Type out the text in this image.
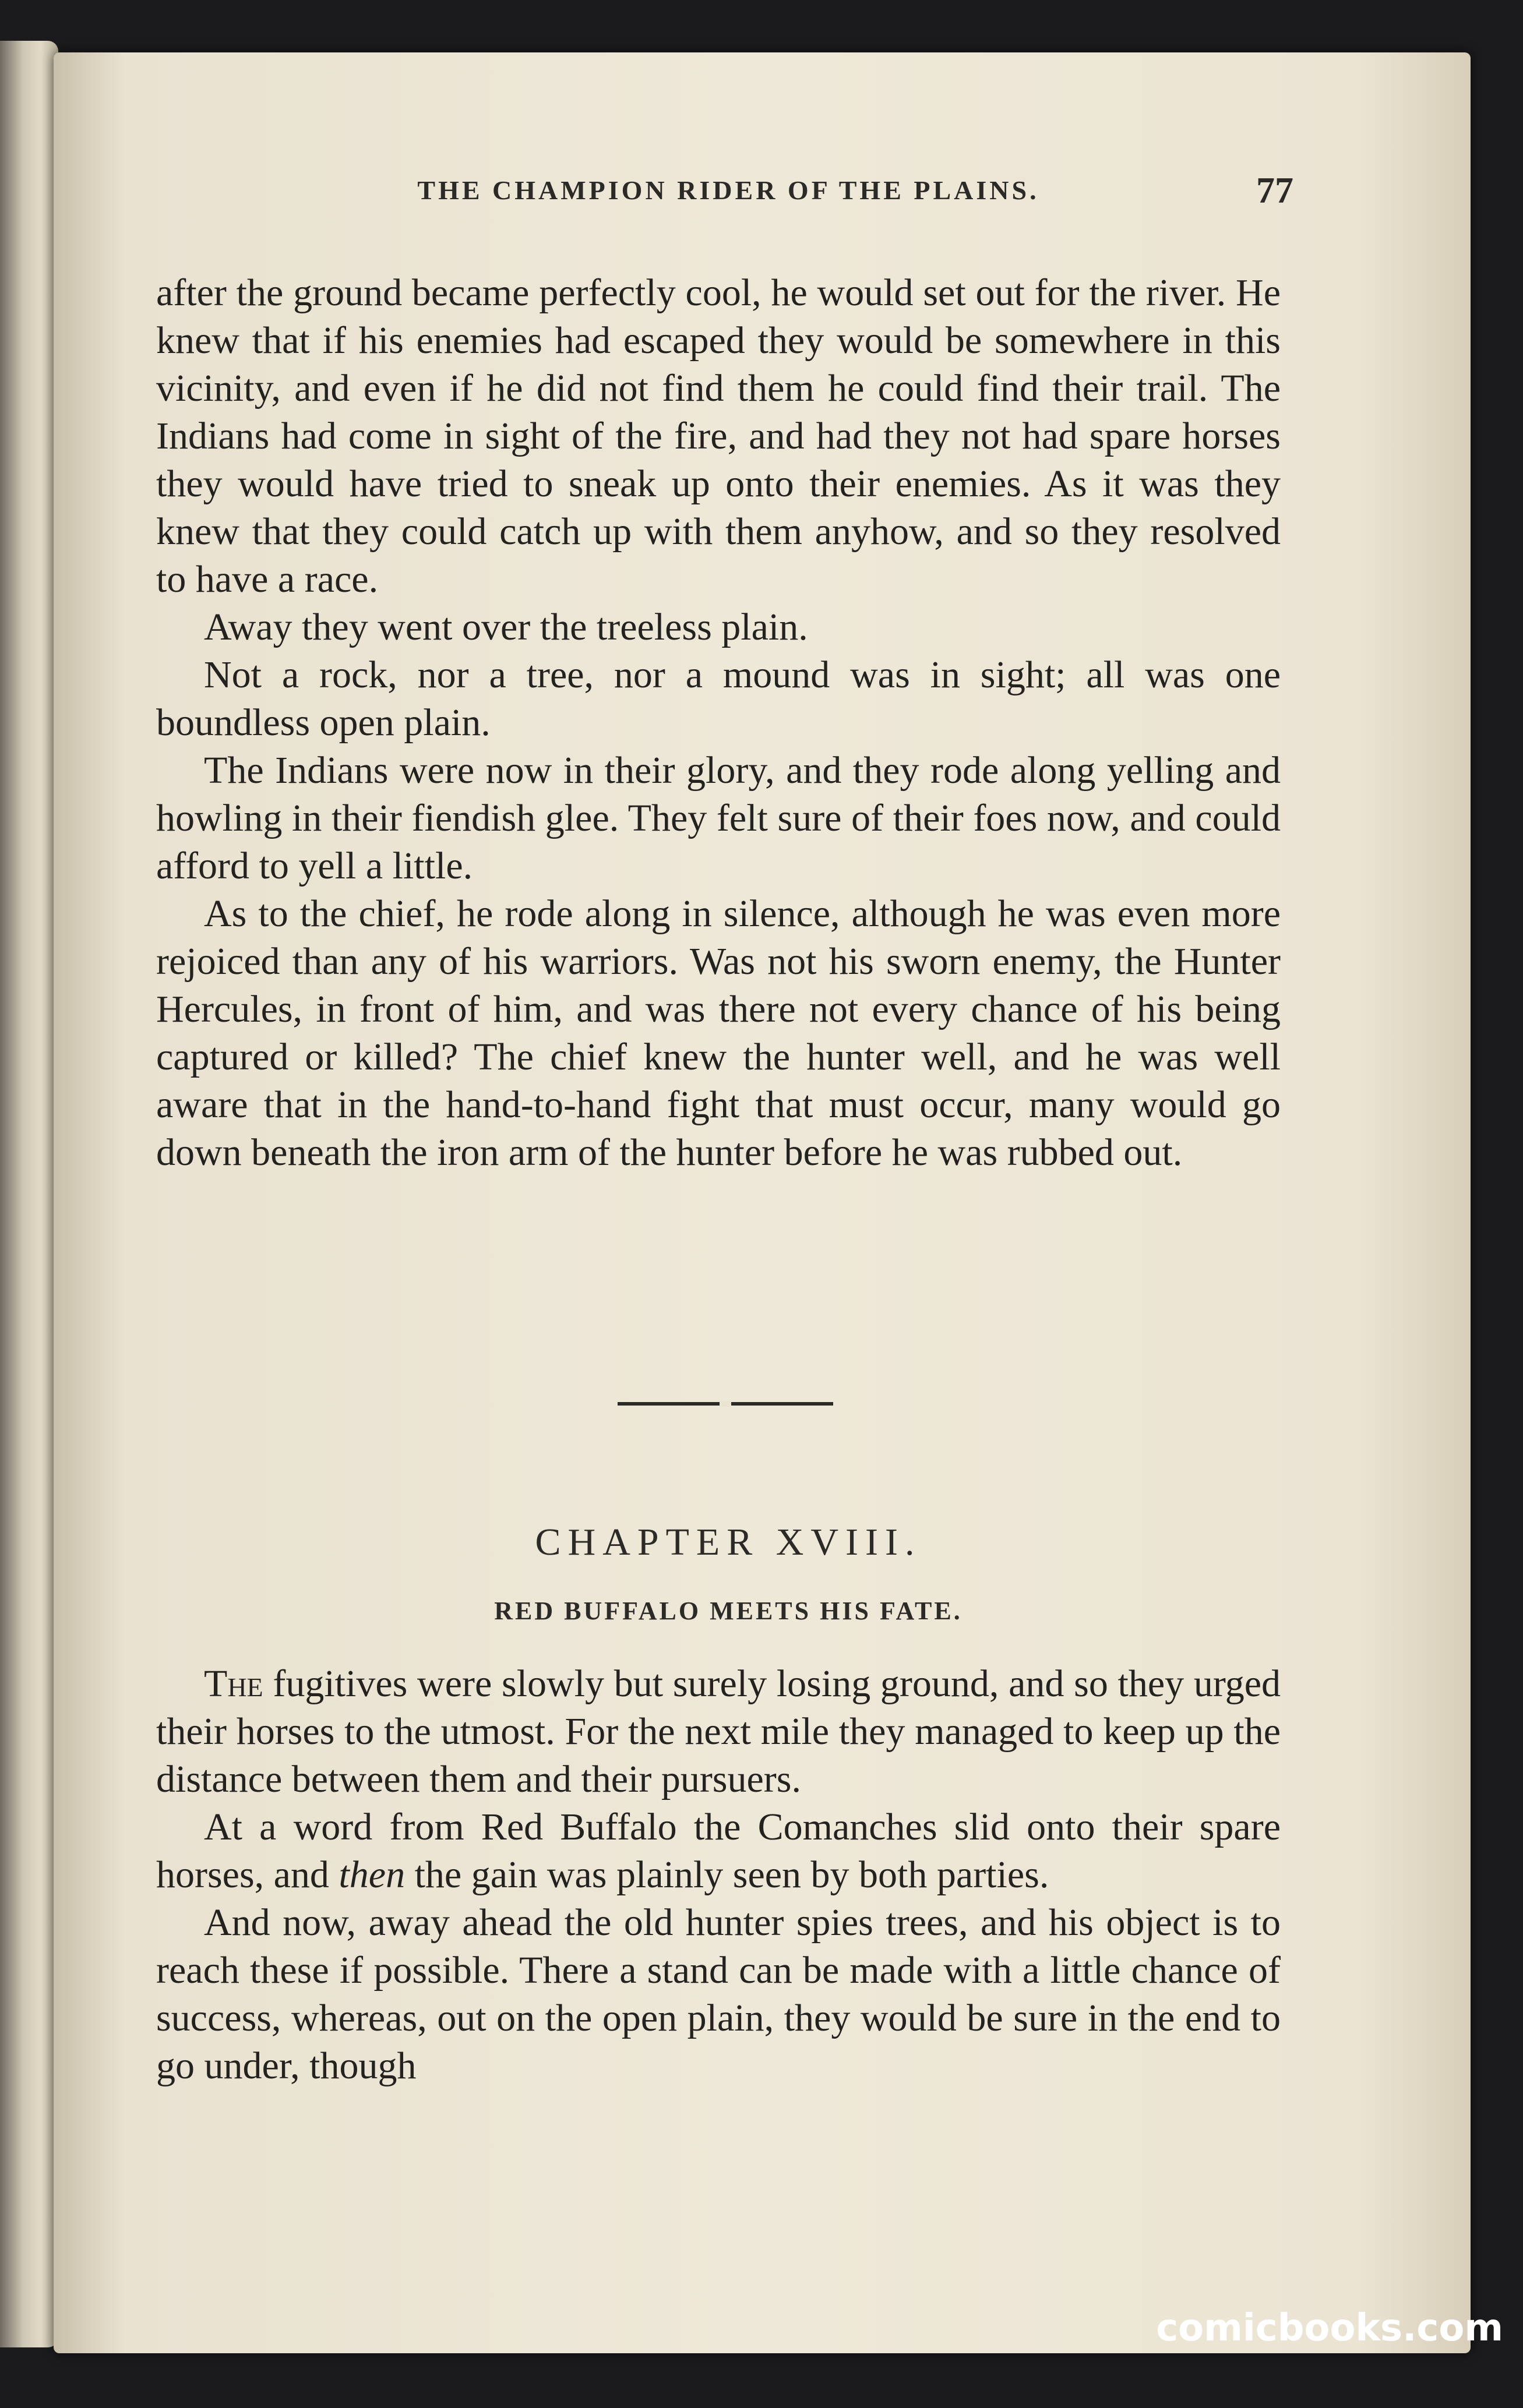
THE CHAMPION RIDER OF THE PLAINS.	77

after the ground became perfectly cool, he would set out for the river. He knew that if his enemies had escaped they would be somewhere in this vicinity, and even if he did not find them he could find their trail. The Indians had come in sight of the fire, and had they not had spare horses they would have tried to sneak up onto their enemies. As it was they knew that they could catch up with them anyhow, and so they resolved to have a race.

Away they went over the treeless plain.

Not a rock, nor a tree, nor a mound was in sight; all was one boundless open plain.

The Indians were now in their glory, and they rode along yelling and howling in their fiendish glee. They felt sure of their foes now, and could afford to yell a little.

As to the chief, he rode along in silence, although he was even more rejoiced than any of his warriors. Was not his sworn enemy, the Hunter Hercules, in front of him, and was there not every chance of his being captured or killed? The chief knew the hunter well, and he was well aware that in the hand-to-hand fight that must occur, many would go down beneath the iron arm of the hunter before he was rubbed out.

CHAPTER XVIII.
RED BUFFALO MEETS HIS FATE.

The fugitives were slowly but surely losing ground, and so they urged their horses to the utmost. For the next mile they managed to keep up the distance between them and their pursuers.

At a word from Red Buffalo the Comanches slid onto their spare horses, and then the gain was plainly seen by both parties.

And now, away ahead the old hunter spies trees, and his object is to reach these if possible. There a stand can be made with a little chance of success, whereas, out on the open plain, they would be sure in the end to go under, though

comicbooks.com
